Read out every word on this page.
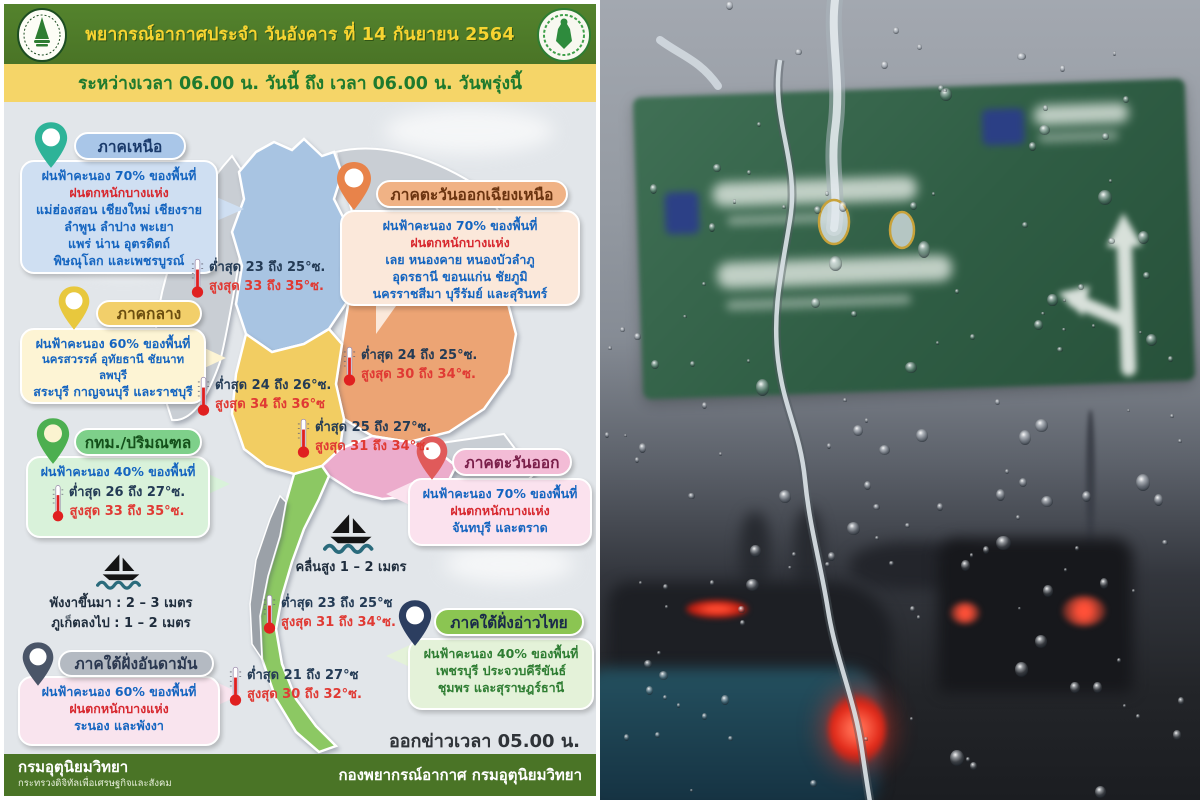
พยากรณ์อากาศประจำ วันอังคาร ที่ 14 กันยายน 2564
ระหว่างเวลา 06.00 น. วันนี้ ถึง เวลา 06.00 น. วันพรุ่งนี้
ภาคเหนือ
ฝนฟ้าคะนอง 70% ของพื้นที่
ฝนตกหนักบางแห่ง
แม่ฮ่องสอน เชียงใหม่ เชียงราย
ลำพูน ลำปาง พะเยา
แพร่ น่าน อุตรดิตถ์
พิษณุโลก และเพชรบูรณ์
ภาคตะวันออกเฉียงเหนือ
ฝนฟ้าคะนอง 70% ของพื้นที่
ฝนตกหนักบางแห่ง
เลย หนองคาย หนองบัวลำภู
อุดรธานี ขอนแก่น ชัยภูมิ
นครราชสีมา บุรีรัมย์ และสุรินทร์
ภาคกลาง
ฝนฟ้าคะนอง 60% ของพื้นที่
นครสวรรค์ อุทัยธานี ชัยนาท ลพบุรี
สระบุรี กาญจนบุรี และราชบุรี
กทม./ปริมณฑล
ฝนฟ้าคะนอง 40% ของพื้นที่
ต่ำสุด 26 ถึง 27°ซ.
สูงสุด 33 ถึง 35°ซ.
ภาคตะวันออก
ฝนฟ้าคะนอง 70% ของพื้นที่
ฝนตกหนักบางแห่ง
จันทบุรี และตราด
ภาคใต้ฝั่งอ่าวไทย
ฝนฟ้าคะนอง 40% ของพื้นที่
เพชรบุรี ประจวบคีรีขันธ์
ชุมพร และสุราษฎร์ธานี
ภาคใต้ฝั่งอันดามัน
ฝนฟ้าคะนอง 60% ของพื้นที่
ฝนตกหนักบางแห่ง
ระนอง และพังงา
ต่ำสุด 23 ถึง 25°ซ.
สูงสุด 33 ถึง 35°ซ.
ต่ำสุด 24 ถึง 25°ซ.
สูงสุด 30 ถึง 34°ซ.
ต่ำสุด 24 ถึง 26°ซ.
สูงสุด 34 ถึง 36°ซ
ต่ำสุด 25 ถึง 27°ซ.
สูงสุด 31 ถึง 34°ซ.
ต่ำสุด 23 ถึง 25°ซ
สูงสุด 31 ถึง 34°ซ.
ต่ำสุด 21 ถึง 27°ซ
สูงสุด 30 ถึง 32°ซ.
คลื่นสูง 1 – 2 เมตร
พังงาขึ้นมา : 2 – 3 เมตร
ภูเก็ตลงไป : 1 – 2 เมตร
ออกข่าวเวลา 05.00 น.
กรมอุตุนิยมวิทยา
กระทรวงดิจิทัลเพื่อเศรษฐกิจและสังคม	กองพยากรณ์อากาศ กรมอุตุนิยมวิทยา
